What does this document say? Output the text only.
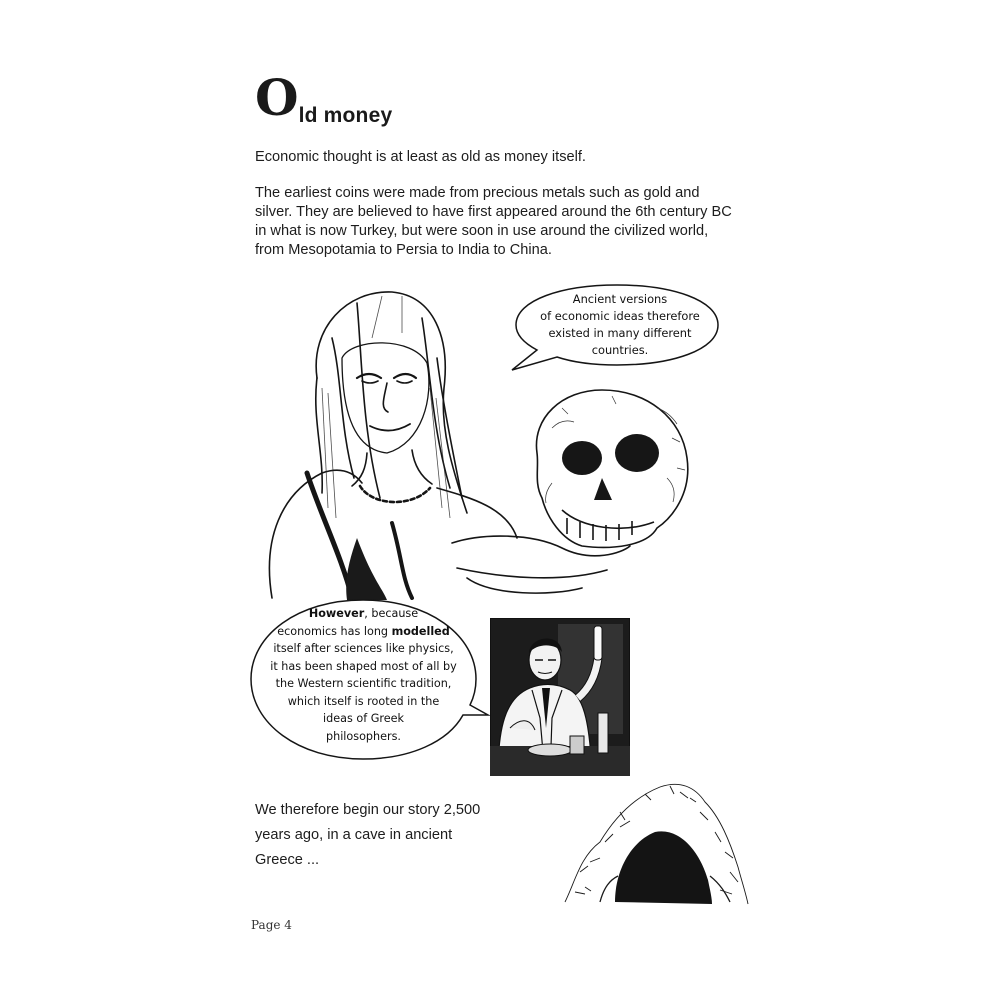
Old money

Economic thought is at least as old as money itself.

The earliest coins were made from precious metals such as gold and silver. They are believed to have first appeared around the 6th century BC in what is now Turkey, but were soon in use around the civilized world, from Mesopotamia to Persia to India to China.

Ancient versions
of economic ideas therefore
existed in many different
countries.

However, because
economics has long modelled
itself after sciences like physics,
it has been shaped most of all by
the Western scientific tradition,
which itself is rooted in the
ideas of Greek
philosophers.

We therefore begin our story 2,500 years ago, in a cave in ancient Greece ...

Page 4
